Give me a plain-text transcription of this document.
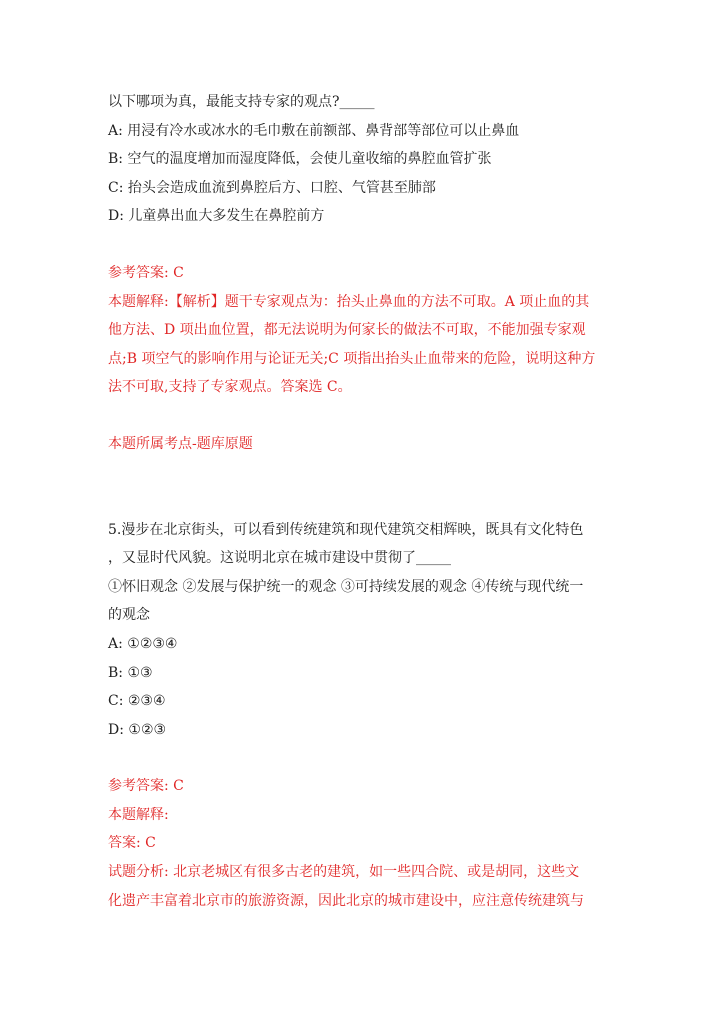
以下哪项为真，最能支持专家的观点?_____
A: 用浸有冷水或冰水的毛巾敷在前额部、鼻背部等部位可以止鼻血
B: 空气的温度增加而湿度降低，会使儿童收缩的鼻腔血管扩张
C: 抬头会造成血流到鼻腔后方、口腔、气管甚至肺部
D: 儿童鼻出血大多发生在鼻腔前方
参考答案: C
本题解释:【解析】题干专家观点为：抬头止鼻血的方法不可取。A 项止血的其
他方法、D 项出血位置，都无法说明为何家长的做法不可取，不能加强专家观
点;B 项空气的影响作用与论证无关;C 项指出抬头止血带来的危险，说明这种方
法不可取,支持了专家观点。答案选 C。
本题所属考点-题库原题
5.漫步在北京街头，可以看到传统建筑和现代建筑交相辉映，既具有文化特色
，又显时代风貌。这说明北京在城市建设中贯彻了_____
①怀旧观念 ②发展与保护统一的观念 ③可持续发展的观念 ④传统与现代统一
的观念
A: ①②③④
B: ①③
C: ②③④
D: ①②③
参考答案: C
本题解释:
答案: C
试题分析: 北京老城区有很多古老的建筑，如一些四合院、或是胡同，这些文
化遗产丰富着北京市的旅游资源，因此北京的城市建设中，应注意传统建筑与
